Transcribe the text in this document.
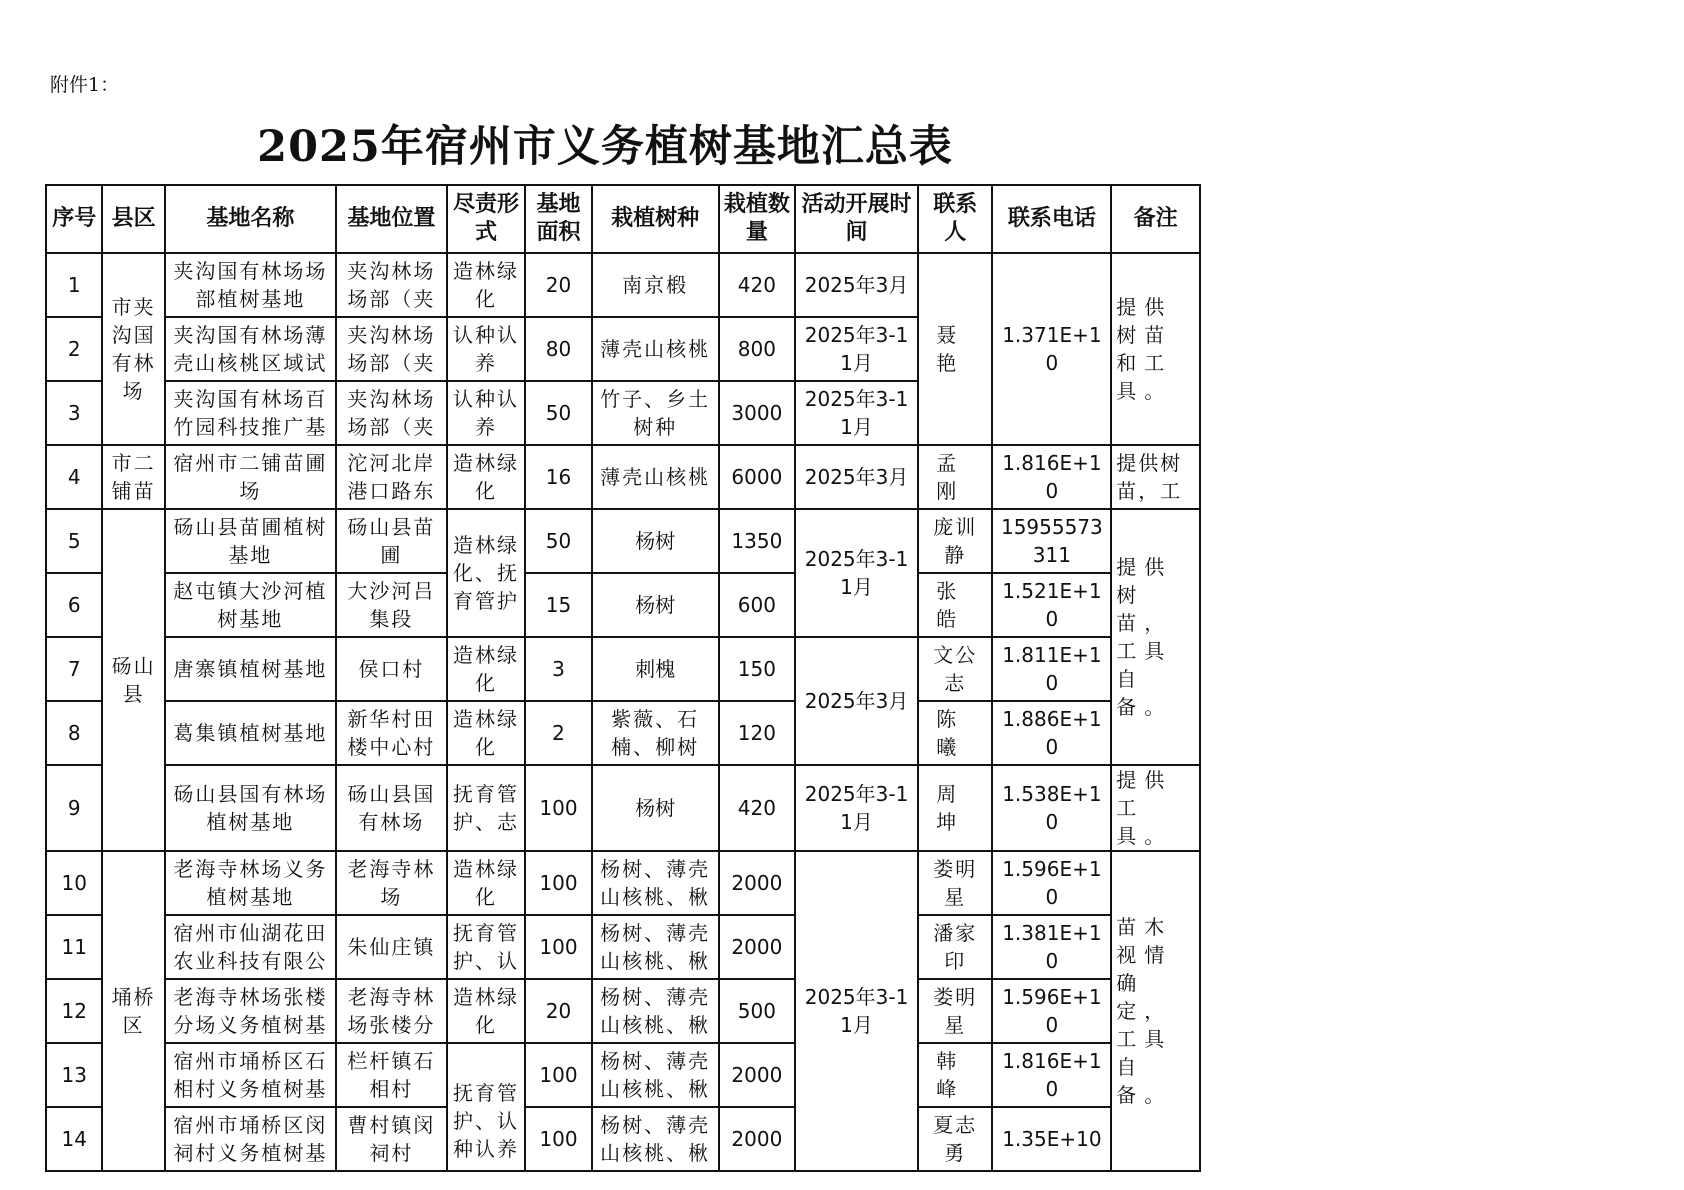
附件1：
2025年宿州市义务植树基地汇总表
序号	县区	基地名称	基地位置	尽责形式	基地面积	栽植树种	栽植数量	活动开展时间	联系人	联系电话	备注
1	市夹沟国有林场	夹沟国有林场场部植树基地	夹沟林场场部（夹	造林绿化	20	南京椴	420	2025年3月	聂　艳	1.371E+10	提供树苗和工具。
2		夹沟国有林场薄壳山核桃区域试	夹沟林场场部（夹	认种认养	80	薄壳山核桃	800	2025年3-11月			
3		夹沟国有林场百竹园科技推广基	夹沟林场场部（夹	认种认养	50	竹子、乡土树种	3000	2025年3-11月			
4	市二铺苗	宿州市二铺苗圃场	沱河北岸港口路东	造林绿化	16	薄壳山核桃	6000	2025年3月	孟　刚	1.816E+10	提供树苗，工

5	砀山县	砀山县苗圃植树基地	砀山县苗圃	造林绿化、抚育管护	50	杨树	1350	2025年3-11月	庞训静	15955573311	提供树苗，工具自备。
6		赵屯镇大沙河植树基地	大沙河吕集段		15	杨树	600		张　皓	1.521E+10	
7		唐寨镇植树基地	侯口村	造林绿化	3	刺槐	150	2025年3月	文公志	1.811E+10	
8		葛集镇植树基地	新华村田楼中心村	造林绿化	2	紫薇、石楠、柳树	120		陈　曦	1.886E+10	
9		砀山县国有林场植树基地	砀山县国有林场	抚育管护、志	100	杨树	420	2025年3-11月	周　坤	1.538E+10	提供工具。
10	埇桥区	老海寺林场义务植树基地	老海寺林场	造林绿化	100	杨树、薄壳山核桃、楸	2000	2025年3-11月	娄明星	1.596E+10	苗木视情确定，工具自备。
11		宿州市仙湖花田农业科技有限公	朱仙庄镇	抚育管护、认	100	杨树、薄壳山核桃、楸	2000		潘家印	1.381E+10	
12		老海寺林场张楼分场义务植树基	老海寺林场张楼分	造林绿化	20	杨树、薄壳山核桃、楸	500		娄明星	1.596E+10	
13		宿州市埇桥区石相村义务植树基	栏杆镇石相村	抚育管护、认种认养	100	杨树、薄壳山核桃、楸	2000		韩　峰	1.816E+10	
14		宿州市埇桥区闵祠村义务植树基	曹村镇闵祠村		100	杨树、薄壳山核桃、楸	2000		夏志勇	1.35E+10	
